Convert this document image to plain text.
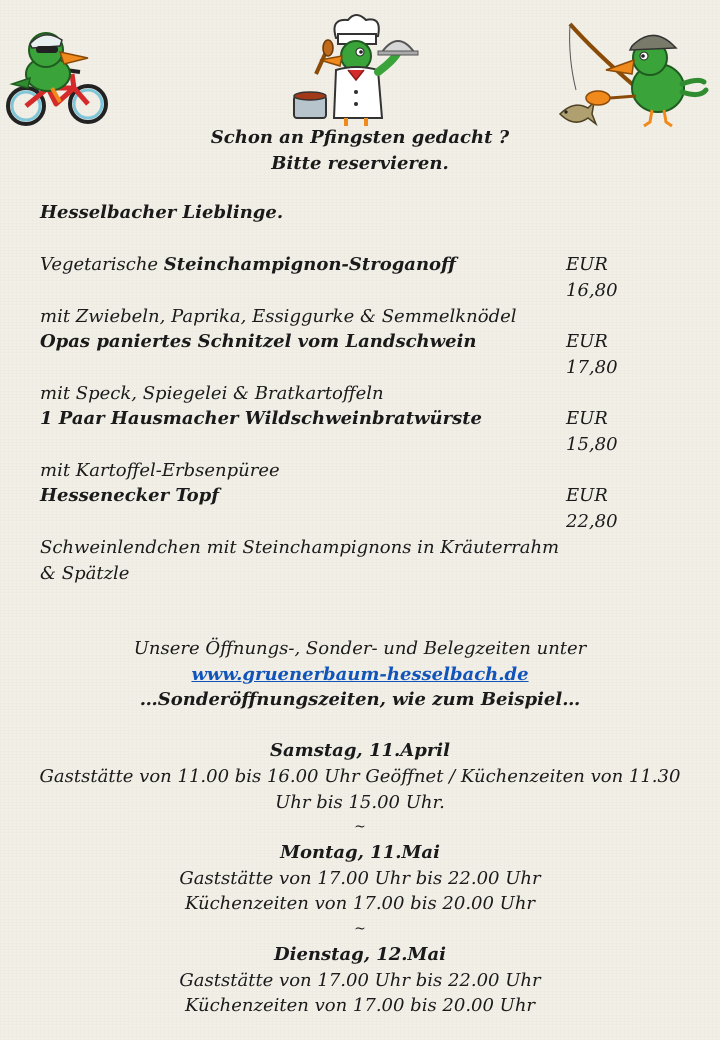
Schon an Pfingsten gedacht ?
Bitte reservieren.
Hesselbacher Lieblinge.
Vegetarische Steinchampignon-Stroganoff	EUR 16,80
mit Zwiebeln, Paprika, Essiggurke & Semmelknödel
Opas paniertes Schnitzel vom Landschwein	EUR 17,80
mit Speck, Spiegelei & Bratkartoffeln
1 Paar Hausmacher Wildschweinbratwürste	EUR 15,80
mit Kartoffel-Erbsenpüree
Hessenecker Topf	EUR 22,80
Schweinlendchen mit Steinchampignons in Kräuterrahm
& Spätzle
Unsere Öffnungs-, Sonder- und Belegzeiten unter
www.gruenerbaum-hesselbach.de
…Sonderöffnungszeiten, wie zum Beispiel…

Samstag, 11.April
Gaststätte von 11.00 bis 16.00 Uhr Geöffnet / Küchenzeiten von 11.30
Uhr bis 15.00 Uhr.
~
Montag, 11.Mai
Gaststätte von 17.00 Uhr bis 22.00 Uhr
Küchenzeiten von 17.00 bis 20.00 Uhr
~
Dienstag, 12.Mai
Gaststätte von 17.00 Uhr bis 22.00 Uhr
Küchenzeiten von 17.00 bis 20.00 Uhr
